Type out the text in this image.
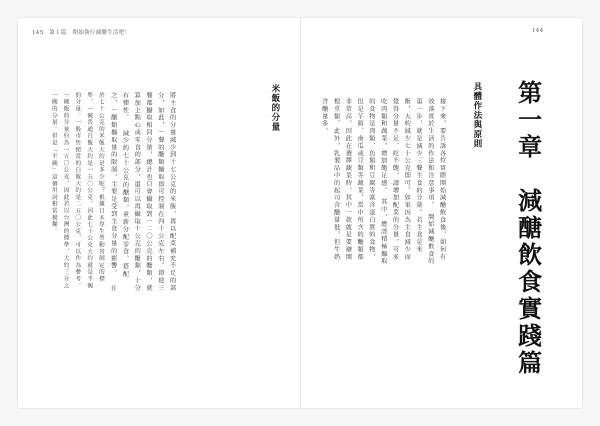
145　第１篇　開始執行減醣生活吧！	144
第一章　減醣飲食實踐篇
具體作法與原則
接下來，要告訴各位實際開始減醣飲食後，如何有效落實於生活的作法和注意事項。　開始減醣飲食的第一步，就是減少三餐主食的分量。若主食是米飯，大約減少七十公克即可。如果因為主食減少而覺得分量不足、吃不飽，請增加配菜的分量，可多吃肉類和蔬菜，增加飽足感。　其中，應該積極攝取的食物是肉類、魚類和豆腐等富含蛋白質的食物，但是芋頭、南瓜或豆類等蔬菜，當中所含的醣類都非常高，因此在選擇蔬菜時，其中一款就是要避開根莖類。此外，乳製品中的起司含醣量低，但牛奶含醣量多。
米飯的分量
將主食的分量減少到十七公克的米飯，再以配菜補充不足的部分，如此，一餐的醣類攝取即可控制在四十公克左右。即使三餐都攝取相同分量，總計也只會攝取到一二〇公克的醣類，就算加上點心或零食的部分，還可以再攝取十公克的醣類，十分有彈性。 減少約七十公克的醣類，重新分配零食、搭配之，一醣類攝取量的限制，主要是受到主食分量的影響。 在於七十公克的米飯大約是多少呢？根據日本厚生勞動省制定的標準，一碗普通白飯大約是一五〇公克，因此七十公克大約就是半碗的分量。一般市售便當的白飯大約是二五〇公克，可以作為參考。一碗飯的分量約為一五〇公克，因此若以台灣的標準，大約三分之一碗的分量。但是「半碗」這個用詞相當模糊。
